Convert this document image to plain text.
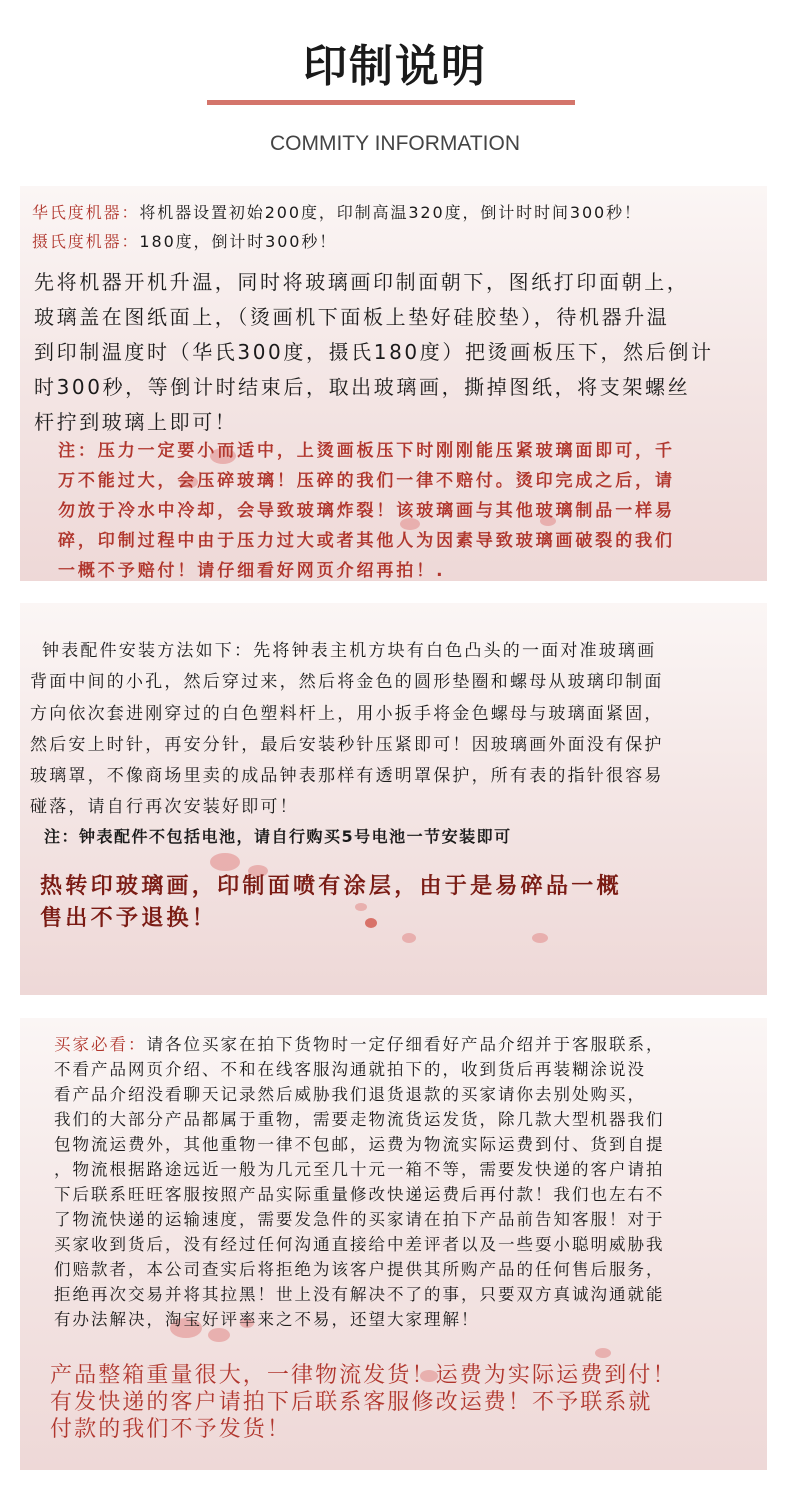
印制说明
COMMITY INFORMATION
华氏度机器：将机器设置初始200度，印制高温320度，倒计时时间300秒！
摄氏度机器：180度，倒计时300秒！
先将机器开机升温，同时将玻璃画印制面朝下，图纸打印面朝上，
玻璃盖在图纸面上，（烫画机下面板上垫好硅胶垫），待机器升温
到印制温度时（华氏300度，摄氏180度）把烫画板压下，然后倒计
时300秒，等倒计时结束后，取出玻璃画，撕掉图纸，将支架螺丝
杆拧到玻璃上即可！
注：压力一定要小而适中，上烫画板压下时刚刚能压紧玻璃面即可，千
万不能过大，会压碎玻璃！压碎的我们一律不赔付。烫印完成之后，请
勿放于冷水中冷却，会导致玻璃炸裂！该玻璃画与其他玻璃制品一样易
碎，印制过程中由于压力过大或者其他人为因素导致玻璃画破裂的我们
一概不予赔付！请仔细看好网页介绍再拍！.
钟表配件安装方法如下：先将钟表主机方块有白色凸头的一面对准玻璃画
背面中间的小孔，然后穿过来，然后将金色的圆形垫圈和螺母从玻璃印制面
方向依次套进刚穿过的白色塑料杆上，用小扳手将金色螺母与玻璃面紧固，
然后安上时针，再安分针，最后安装秒针压紧即可！因玻璃画外面没有保护
玻璃罩，不像商场里卖的成品钟表那样有透明罩保护，所有表的指针很容易
碰落，请自行再次安装好即可！
注：钟表配件不包括电池，请自行购买5号电池一节安装即可
热转印玻璃画，印制面喷有涂层，由于是易碎品一概
售出不予退换！
买家必看：请各位买家在拍下货物时一定仔细看好产品介绍并于客服联系，
不看产品网页介绍、不和在线客服沟通就拍下的，收到货后再装糊涂说没
看产品介绍没看聊天记录然后威胁我们退货退款的买家请你去别处购买，
我们的大部分产品都属于重物，需要走物流货运发货，除几款大型机器我们
包物流运费外，其他重物一律不包邮，运费为物流实际运费到付、货到自提
，物流根据路途远近一般为几元至几十元一箱不等，需要发快递的客户请拍
下后联系旺旺客服按照产品实际重量修改快递运费后再付款！我们也左右不
了物流快递的运输速度，需要发急件的买家请在拍下产品前告知客服！对于
买家收到货后，没有经过任何沟通直接给中差评者以及一些耍小聪明威胁我
们赔款者，本公司查实后将拒绝为该客户提供其所购产品的任何售后服务，
拒绝再次交易并将其拉黑！世上没有解决不了的事，只要双方真诚沟通就能
有办法解决，淘宝好评率来之不易，还望大家理解！
产品整箱重量很大，一律物流发货！运费为实际运费到付！
有发快递的客户请拍下后联系客服修改运费！不予联系就
付款的我们不予发货！
